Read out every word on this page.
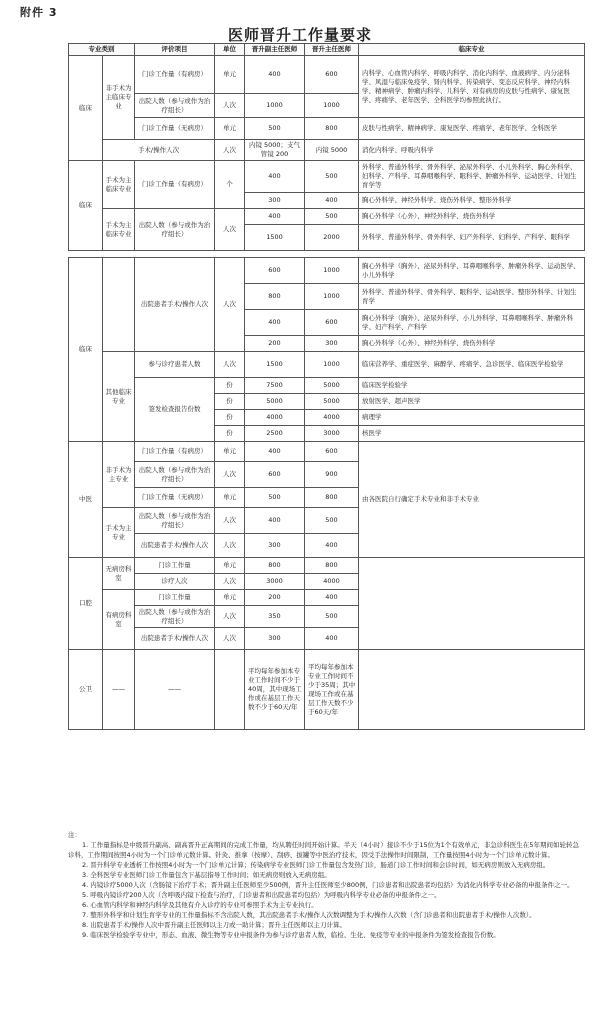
附件 3
医师晋升工作量要求
专业类别		评价项目	单位	晋升副主任医师	晋升主任医师	临床专业
临床	非手术为主临床专业	门诊工作量（有病房）	单元	400	600	内科学、心血管内科学、呼吸内科学、消化内科学、血液病学、内分泌科学、风湿与临床免疫学、肾内科学、传染病学、变态反应科学、神经内科学、精神病学、肿瘤内科学、儿科学、对有病房的皮肤与性病学、康复医学、疼痛学、老年医学、全科医学均参照此执行。
		出院人数（参与或作为治疗组长）	人次	1000	1000	
		门诊工作量（无病房）	单元	500	800	皮肤与性病学、精神病学、康复医学、疼痛学、老年医学、全科医学
	手术/操作人次		人次	内镜 5000；支气管镜 200	内镜 5000	消化内科学、呼吸内科学
临床	手术为主临床专业	门诊工作量（有病房）	个	400	500	外科学、普通外科学、骨外科学、泌尿外科学、小儿外科学、胸心外科学、妇科学、产科学、耳鼻咽喉科学、眼科学、肿瘤外科学、运动医学、计划生育学等
				300	400	胸心外科学、神经外科学、烧伤外科学、整形外科学
	手术为主临床专业	出院人数（参与或作为治疗组长）	人次	400	500	胸心外科学（心外）、神经外科学、烧伤外科学
				1500	2000	外科学、普通外科学、骨外科学、妇产外科学、妇科学、产科学、眼科学

临床		出院患者手术/操作人次	人次	600	1000	胸心外科学（胸外）、泌尿外科学、耳鼻咽喉科学、肿瘤外科学、运动医学、小儿外科学
				800	1000	外科学、普通外科学、骨外科学、眼科学、运动医学、整形外科学、计划生育学
				400	600	胸心外科学（胸外）、泌尿外科学、小儿外科学、耳鼻咽喉科学、肿瘤外科学、妇产科学、产科学
				200	300	胸心外科学（心外）、神经外科学、烧伤外科学
	其他临床专业	参与诊疗患者人数	人次	1500	1000	临床营养学、重症医学、麻醉学、疼痛学、急诊医学、临床医学检验学
		签发检查报告份数	份	7500	5000	临床医学检验学
			份	5000	5000	放射医学、超声医学
			份	4000	4000	病理学
			份	2500	3000	核医学
中医	非手术为主专业	门诊工作量（有病房）	单元	400	600	由各医院自行确定手术专业和非手术专业
		出院人数（参与或作为治疗组长）	人次	600	900	
		门诊工作量（无病房）	单元	500	800	
	手术为主专业	出院人数（参与或作为治疗组长）	人次	400	500	
		出院患者手术/操作人次	人次	300	400	
口腔	无病房科室	门诊工作量	单元	800	800	
		诊疗人次	人次	3000	4000	
	有病房科室	门诊工作量	单元	200	400	
		出院人数（参与或作为治疗组长）	人次	350	500	
		出院患者手术/操作人次	人次	300	400	
公卫	——	——		平均每年参加本专业工作时间不少于40周，其中现场工作或在基层工作天数不少于60天/年	平均每年参加本专业工作时间不少于35周；其中现场工作或在基层工作天数不少于60天/年	

注：

1. 工作量指标是中级晋升副高、副高晋升正高期间的完成工作量，均从聘任时间开始计算。半天（4小时）接诊不少于15位为1个有效单元，非急诊科医生在5年期间如轮转急诊科，工作期间按照4小时为一个门诊单元数计算。针灸、推拿（按摩）、刮痧、拔罐等中医治疗技术，因受手法操作时间限制，工作量按照4小时为一个门诊单元数计算。

2. 晋升科学专业透析工作按照4小时为一个门诊单元计算；传染病学专业医师门诊工作量包含发热门诊，肠道门诊工作时间和会诊时间，如无病房则放入无病房组。

3. 全科医学专业医师门诊工作量包含下基层指导工作时间；如无病房则放入无病房组。

4. 内镜诊疗5000人次（含肠镜下治疗手术；晋升副主任医师至少500例，晋升主任医师至少800例，门诊患者和出院患者均包括）为消化内科学专业必备的申报条件之一。

5. 呼吸内镜诊疗200人次（含呼吸内镜下检查与治疗，门诊患者和出院患者均包括）为呼吸内科学专业必备的申报条件之一。

6. 心血管内科学和神经内科学及其他有介入诊疗的专业可参照手术为主专业执行。

7. 整形外科学和计划生育学专业的工作量指标不含出院人数，其出院患者手术/操作人次数调整为手术/操作人次数（含门诊患者和出院患者手术/操作人次数）。

8. 出院患者手术/操作人次中晋升副主任医师以主刀或一助计算；晋升主任医师以主刀计算。

9. 临床医学检验学专业中，形态、血液、微生物等专业申报条件为参与诊疗患者人数，临检、生化、免疫等专业的申报条件为签发检查报告份数。
